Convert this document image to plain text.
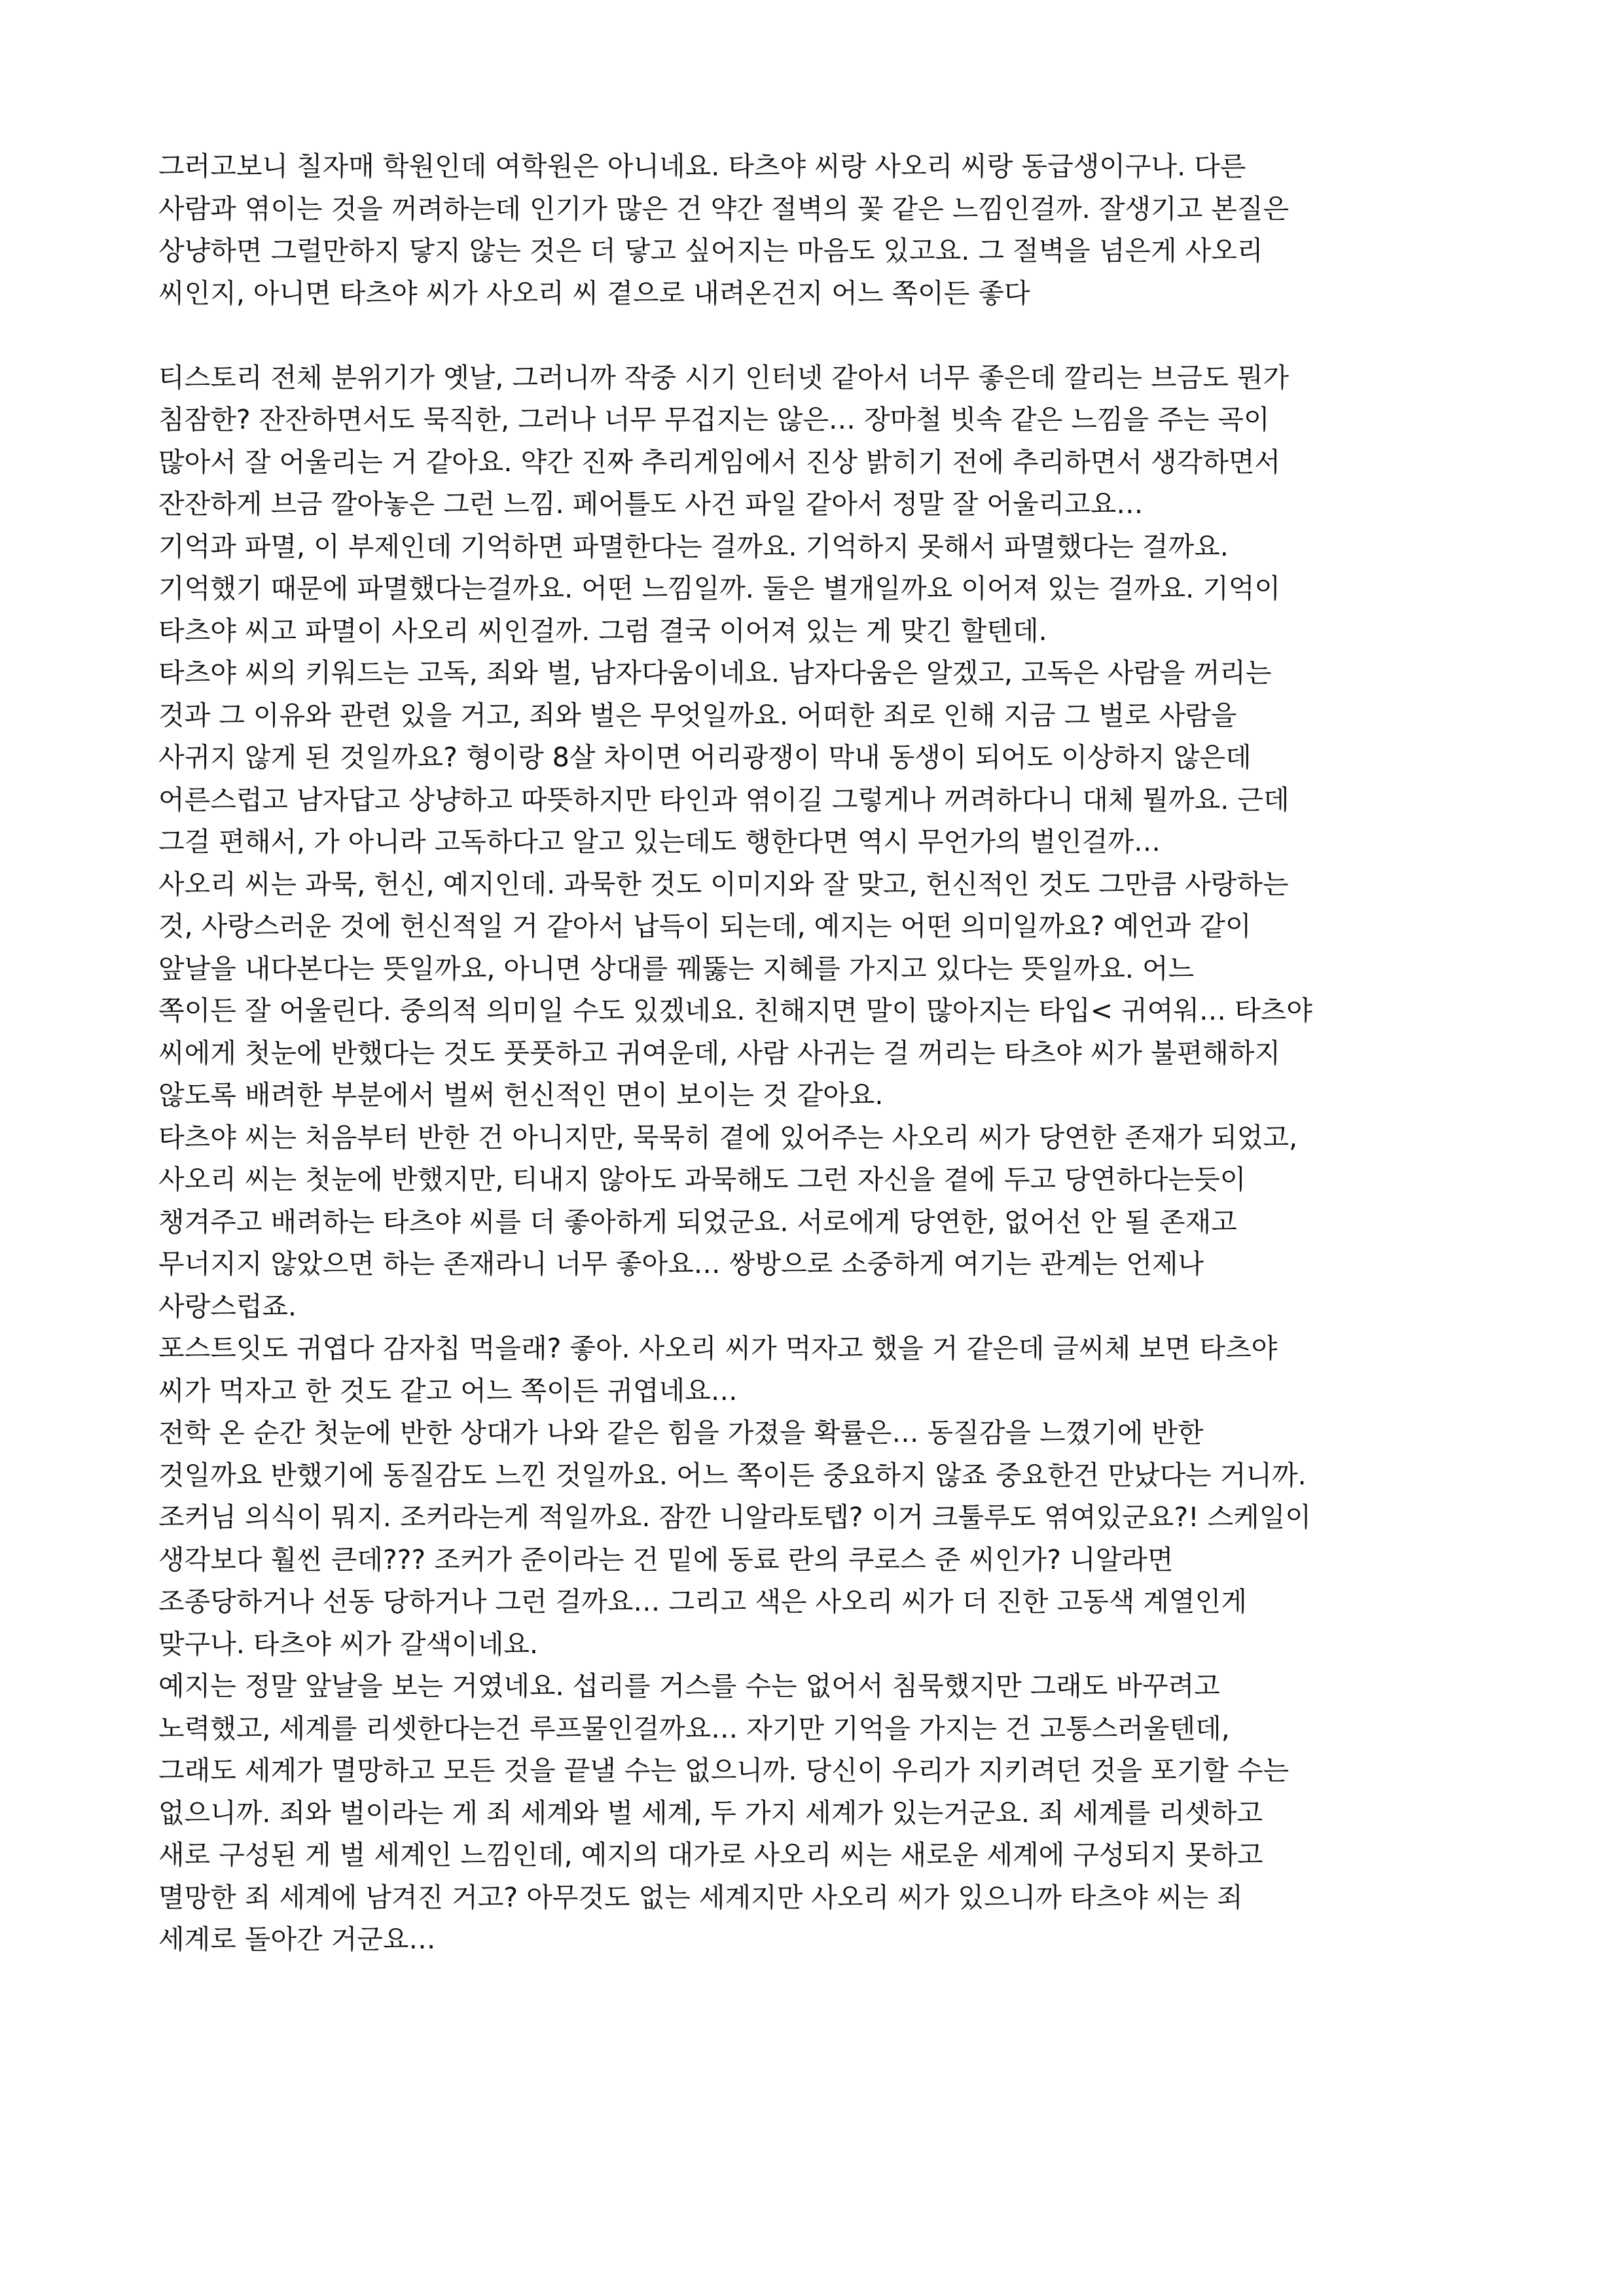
그러고보니 칠자매 학원인데 여학원은 아니네요. 타츠야 씨랑 사오리 씨랑 동급생이구나. 다른
사람과 엮이는 것을 꺼려하는데 인기가 많은 건 약간 절벽의 꽃 같은 느낌인걸까. 잘생기고 본질은
상냥하면 그럴만하지 닿지 않는 것은 더 닿고 싶어지는 마음도 있고요. 그 절벽을 넘은게 사오리
씨인지, 아니면 타츠야 씨가 사오리 씨 곁으로 내려온건지 어느 쪽이든 좋다
티스토리 전체 분위기가 옛날, 그러니까 작중 시기 인터넷 같아서 너무 좋은데 깔리는 브금도 뭔가
침잠한? 잔잔하면서도 묵직한, 그러나 너무 무겁지는 않은… 장마철 빗속 같은 느낌을 주는 곡이
많아서 잘 어울리는 거 같아요. 약간 진짜 추리게임에서 진상 밝히기 전에 추리하면서 생각하면서
잔잔하게 브금 깔아놓은 그런 느낌. 페어틀도 사건 파일 같아서 정말 잘 어울리고요…
기억과 파멸, 이 부제인데 기억하면 파멸한다는 걸까요. 기억하지 못해서 파멸했다는 걸까요.
기억했기 때문에 파멸했다는걸까요. 어떤 느낌일까. 둘은 별개일까요 이어져 있는 걸까요. 기억이
타츠야 씨고 파멸이 사오리 씨인걸까. 그럼 결국 이어져 있는 게 맞긴 할텐데.
타츠야 씨의 키워드는 고독, 죄와 벌, 남자다움이네요. 남자다움은 알겠고, 고독은 사람을 꺼리는
것과 그 이유와 관련 있을 거고, 죄와 벌은 무엇일까요. 어떠한 죄로 인해 지금 그 벌로 사람을
사귀지 않게 된 것일까요? 형이랑 8살 차이면 어리광쟁이 막내 동생이 되어도 이상하지 않은데
어른스럽고 남자답고 상냥하고 따뜻하지만 타인과 엮이길 그렇게나 꺼려하다니 대체 뭘까요. 근데
그걸 편해서, 가 아니라 고독하다고 알고 있는데도 행한다면 역시 무언가의 벌인걸까…
사오리 씨는 과묵, 헌신, 예지인데. 과묵한 것도 이미지와 잘 맞고, 헌신적인 것도 그만큼 사랑하는
것, 사랑스러운 것에 헌신적일 거 같아서 납득이 되는데, 예지는 어떤 의미일까요? 예언과 같이
앞날을 내다본다는 뜻일까요, 아니면 상대를 꿰뚫는 지혜를 가지고 있다는 뜻일까요. 어느
쪽이든 잘 어울린다. 중의적 의미일 수도 있겠네요. 친해지면 말이 많아지는 타입< 귀여워… 타츠야
씨에게 첫눈에 반했다는 것도 풋풋하고 귀여운데, 사람 사귀는 걸 꺼리는 타츠야 씨가 불편해하지
않도록 배려한 부분에서 벌써 헌신적인 면이 보이는 것 같아요.
타츠야 씨는 처음부터 반한 건 아니지만, 묵묵히 곁에 있어주는 사오리 씨가 당연한 존재가 되었고,
사오리 씨는 첫눈에 반했지만, 티내지 않아도 과묵해도 그런 자신을 곁에 두고 당연하다는듯이
챙겨주고 배려하는 타츠야 씨를 더 좋아하게 되었군요. 서로에게 당연한, 없어선 안 될 존재고
무너지지 않았으면 하는 존재라니 너무 좋아요… 쌍방으로 소중하게 여기는 관계는 언제나
사랑스럽죠.
포스트잇도 귀엽다 감자칩 먹을래? 좋아. 사오리 씨가 먹자고 했을 거 같은데 글씨체 보면 타츠야
씨가 먹자고 한 것도 같고 어느 쪽이든 귀엽네요…
전학 온 순간 첫눈에 반한 상대가 나와 같은 힘을 가졌을 확률은… 동질감을 느꼈기에 반한
것일까요 반했기에 동질감도 느낀 것일까요. 어느 쪽이든 중요하지 않죠 중요한건 만났다는 거니까.
조커님 의식이 뭐지. 조커라는게 적일까요. 잠깐 니알라토텝? 이거 크툴루도 엮여있군요?! 스케일이
생각보다 훨씬 큰데??? 조커가 준이라는 건 밑에 동료 란의 쿠로스 준 씨인가? 니알라면
조종당하거나 선동 당하거나 그런 걸까요… 그리고 색은 사오리 씨가 더 진한 고동색 계열인게
맞구나. 타츠야 씨가 갈색이네요.
예지는 정말 앞날을 보는 거였네요. 섭리를 거스를 수는 없어서 침묵했지만 그래도 바꾸려고
노력했고, 세계를 리셋한다는건 루프물인걸까요… 자기만 기억을 가지는 건 고통스러울텐데,
그래도 세계가 멸망하고 모든 것을 끝낼 수는 없으니까. 당신이 우리가 지키려던 것을 포기할 수는
없으니까. 죄와 벌이라는 게 죄 세계와 벌 세계, 두 가지 세계가 있는거군요. 죄 세계를 리셋하고
새로 구성된 게 벌 세계인 느낌인데, 예지의 대가로 사오리 씨는 새로운 세계에 구성되지 못하고
멸망한 죄 세계에 남겨진 거고? 아무것도 없는 세계지만 사오리 씨가 있으니까 타츠야 씨는 죄
세계로 돌아간 거군요…
